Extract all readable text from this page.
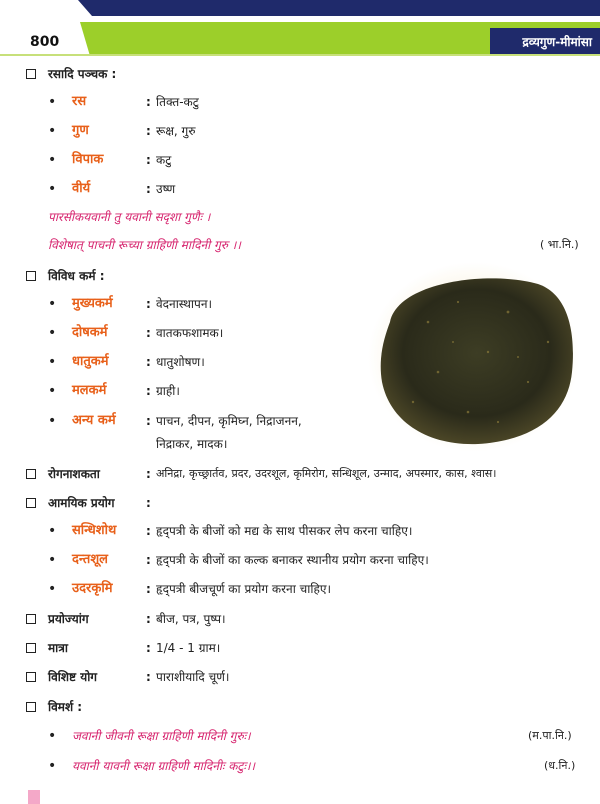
800	द्रव्यगुण-मीमांसा
रसादि पञ्चक :
• रस	: तिक्त-कटु
• गुण	: रूक्ष, गुरु
• विपाक	: कटु
• वीर्य	: उष्ण
पारसीकयवानी तु यवानी सदृशा गुणैः ।
विशेषात् पाचनी रूच्या ग्राहिणी मादिनी गुरु ।।	( भा.नि.)
विविध कर्म :
• मुख्यकर्म	: वेदनास्थापन।
• दोषकर्म	: वातकफशामक।
• धातुकर्म	: धातुशोषण।
• मलकर्म	: ग्राही।
• अन्य कर्म	: पाचन, दीपन, कृमिघ्न, निद्राजनन,
निद्राकर, मादक।
रोगनाशकता	: अनिद्रा, कृच्छ्रार्तव, प्रदर, उदरशूल, कृमिरोग, सन्धिशूल, उन्माद, अपस्मार, कास, श्वास।
आमयिक प्रयोग	:
• सन्धिशोथ : हृद्पत्री के बीजों को मद्य के साथ पीसकर लेप करना चाहिए।
• दन्तशूल	: हृद्पत्री के बीजों का कल्क बनाकर स्थानीय प्रयोग करना चाहिए।
• उदरकृमि	: हृद्पत्री बीजचूर्ण का प्रयोग करना चाहिए।
प्रयोज्यांग	: बीज, पत्र, पुष्प।
मात्रा	: 1/4 - 1 ग्राम।
विशिष्ट योग	: पाराशीयादि चूर्ण।
विमर्श :
• जवानी जीवनी रूक्षा ग्राहिणी मादिनी गुरुः।	(म.पा.नि.)
• यवानी यावनी रूक्षा ग्राहिणी मादिनीः कटुः।।	(ध.नि.)
